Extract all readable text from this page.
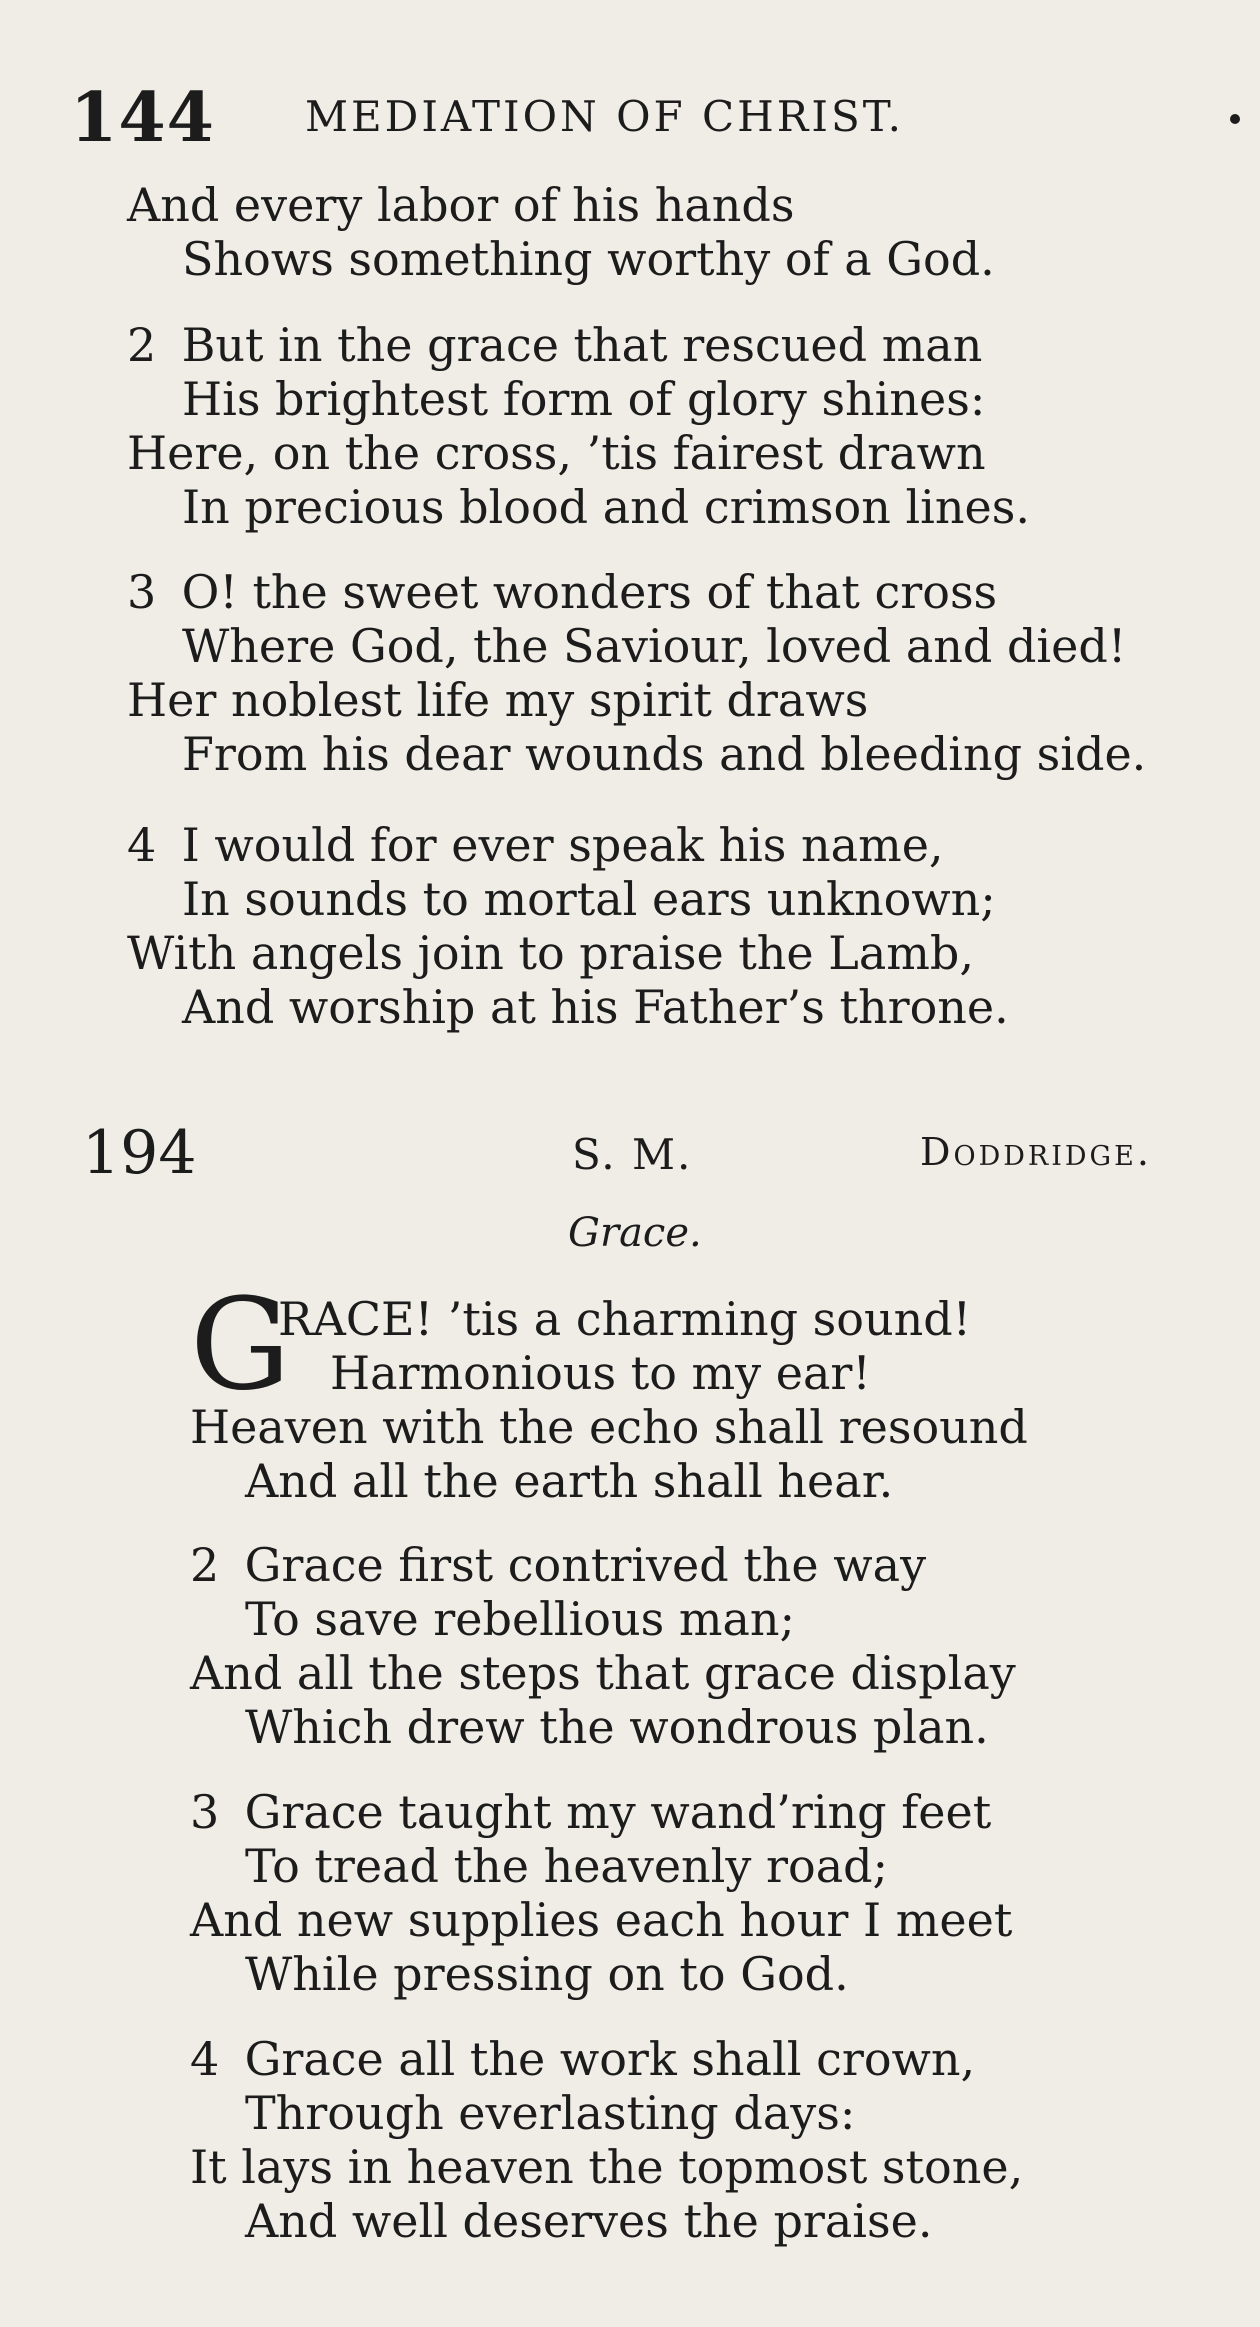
144 MEDIATION OF CHRIST.
And every labor of his hands
Shows something worthy of a God.
2 But in the grace that rescued man
His brightest form of glory shines:
Here, on the cross, ’tis fairest drawn
In precious blood and crimson lines.
3 O! the sweet wonders of that cross
Where God, the Saviour, loved and died!
Her noblest life my spirit draws
From his dear wounds and bleeding side.
4 I would for ever speak his name,
In sounds to mortal ears unknown;
With angels join to praise the Lamb,
And worship at his Father’s throne.
194	S. M.	Doddridge.
Grace.
G
RACE! ’tis a charming sound!
Harmonious to my ear!
Heaven with the echo shall resound
And all the earth shall hear.
2 Grace first contrived the way
To save rebellious man;
And all the steps that grace display
Which drew the wondrous plan.
3 Grace taught my wand’ring feet
To tread the heavenly road;
And new supplies each hour I meet
While pressing on to God.
4 Grace all the work shall crown,
Through everlasting days:
It lays in heaven the topmost stone,
And well deserves the praise.
